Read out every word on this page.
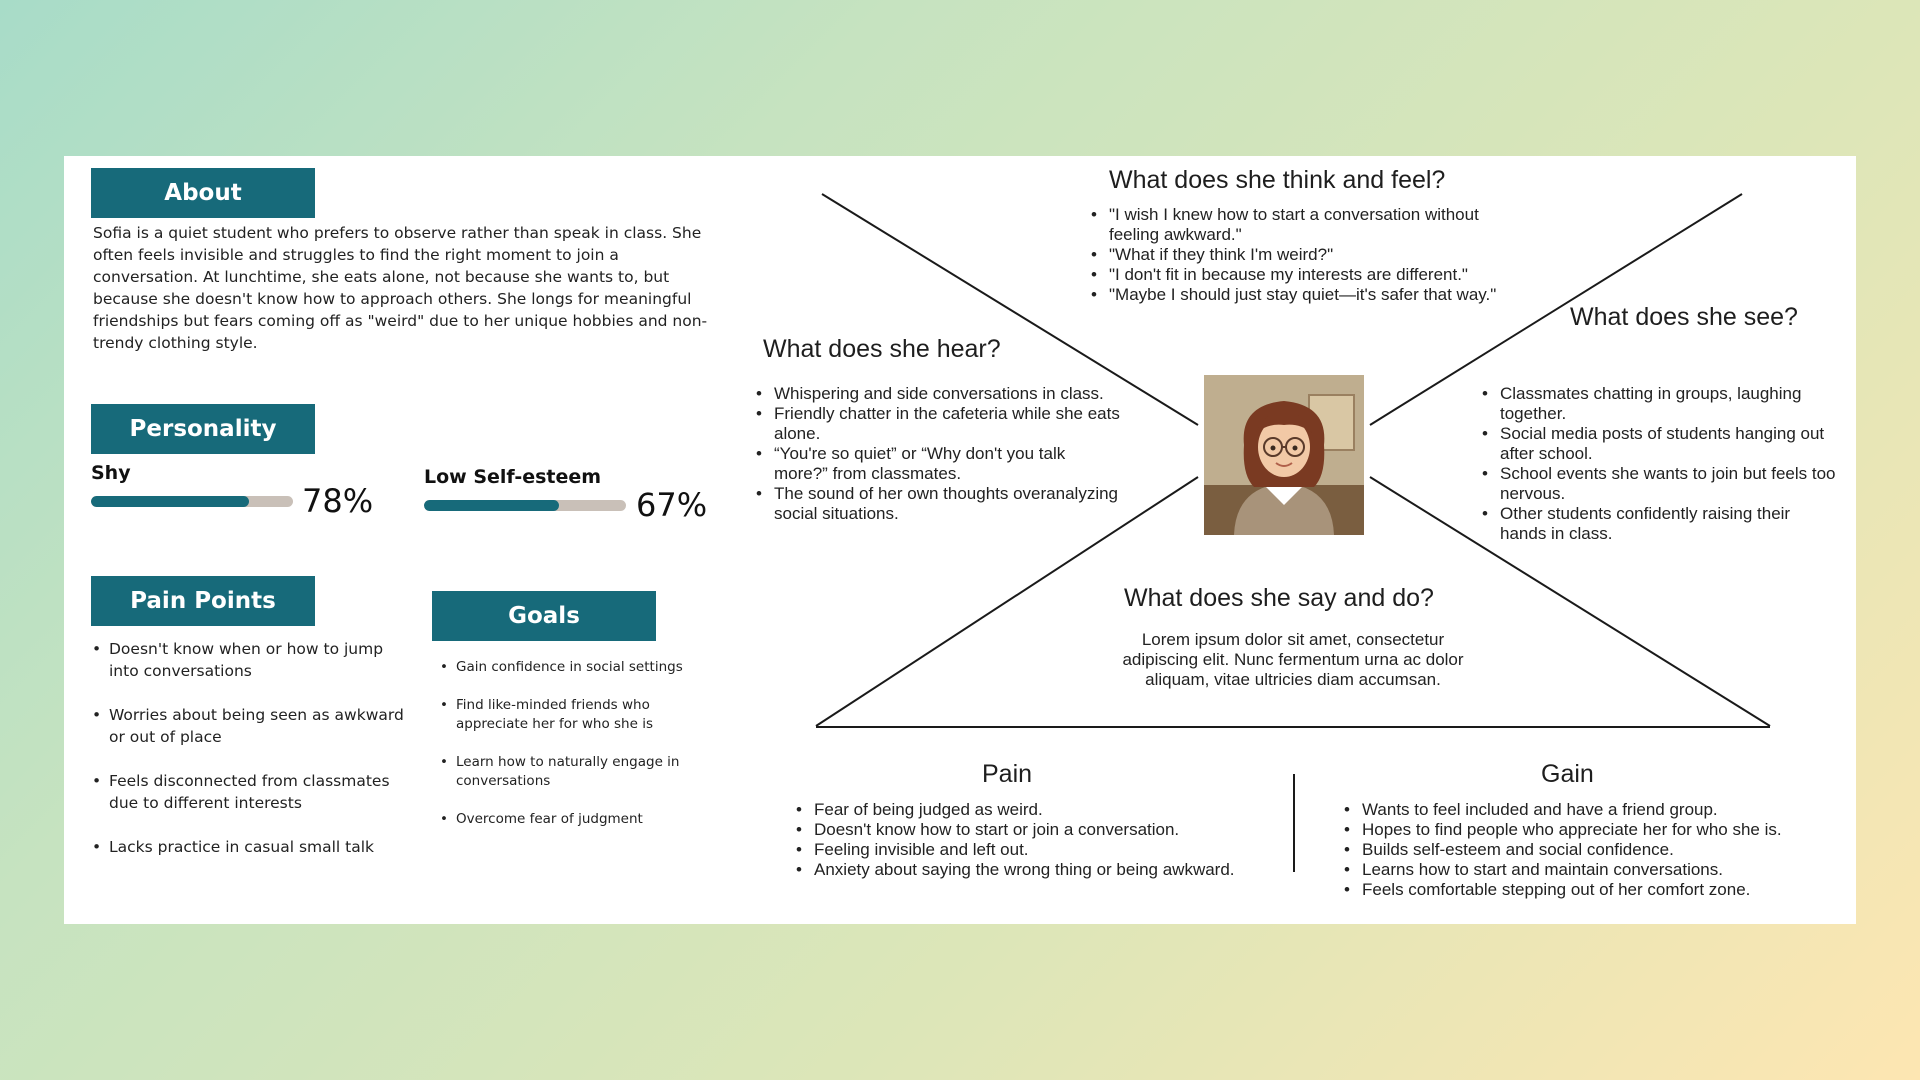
About

Sofia is a quiet student who prefers to observe rather than speak in class. She often feels invisible and struggles to find the right moment to join a conversation. At lunchtime, she eats alone, not because she wants to, but because she doesn't know how to approach others. She longs for meaningful friendships but fears coming off as "weird" due to her unique hobbies and non-trendy clothing style.

Personality
Shy
78%
Low Self-esteem
67%
Pain Points
• Doesn't know when or how to jump into conversations
• Worries about being seen as awkward or out of place
• Feels disconnected from classmates due to different interests
• Lacks practice in casual small talk
Goals
• Gain confidence in social settings
• Find like-minded friends who appreciate her for who she is
• Learn how to naturally engage in conversations
• Overcome fear of judgment
What does she think and feel?
• "I wish I knew how to start a conversation without feeling awkward."
• "What if they think I'm weird?"
• "I don't fit in because my interests are different."
• "Maybe I should just stay quiet—it's safer that way."
What does she hear?
• Whispering and side conversations in class.
• Friendly chatter in the cafeteria while she eats alone.
• “You're so quiet” or “Why don't you talk more?” from classmates.
• The sound of her own thoughts overanalyzing social situations.
What does she see?
• Classmates chatting in groups, laughing together.
• Social media posts of students hanging out after school.
• School events she wants to join but feels too nervous.
• Other students confidently raising their hands in class.
What does she say and do?
Lorem ipsum dolor sit amet, consectetur adipiscing elit. Nunc fermentum urna ac dolor aliquam, vitae ultricies diam accumsan.
Pain
• Fear of being judged as weird.
• Doesn't know how to start or join a conversation.
• Feeling invisible and left out.
• Anxiety about saying the wrong thing or being awkward.
Gain
• Wants to feel included and have a friend group.
• Hopes to find people who appreciate her for who she is.
• Builds self-esteem and social confidence.
• Learns how to start and maintain conversations.
• Feels comfortable stepping out of her comfort zone.
